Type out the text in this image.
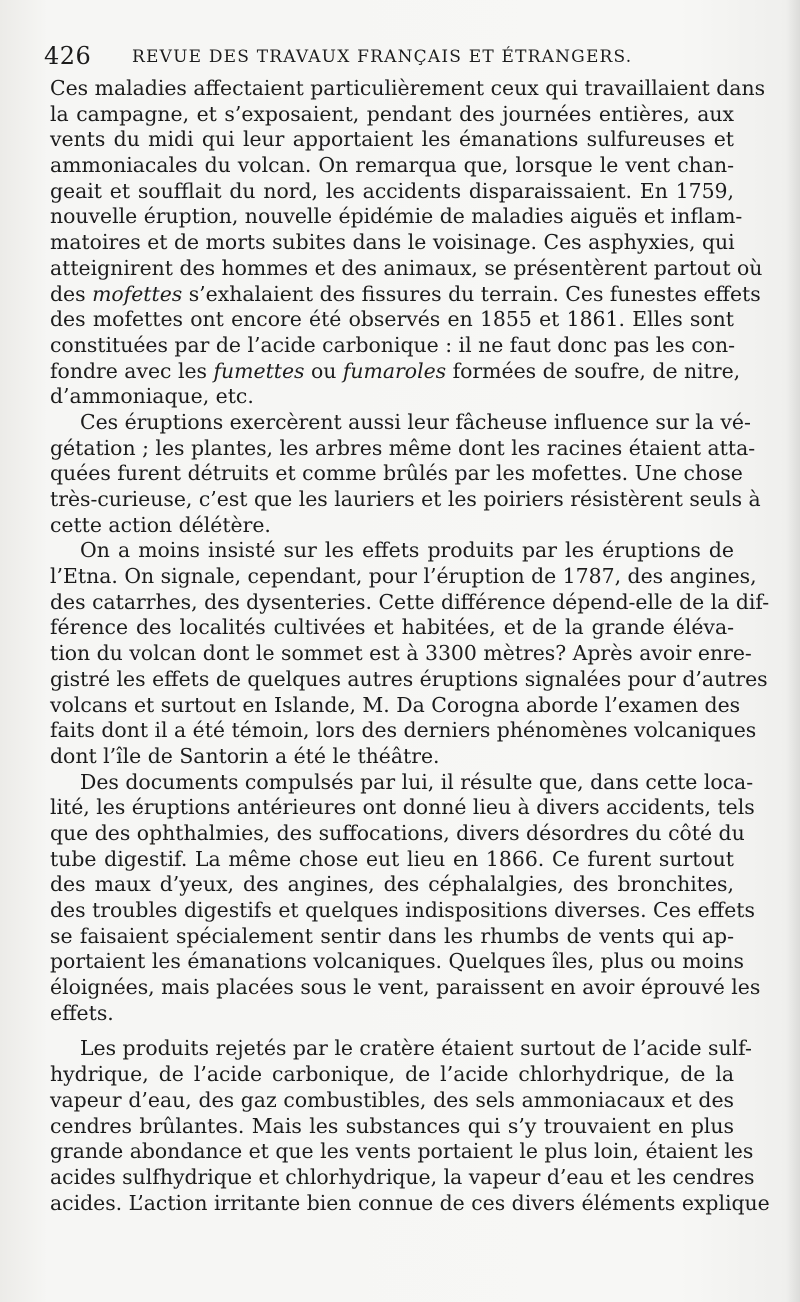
426 REVUE DES TRAVAUX FRANÇAIS ET ÉTRANGERS.
Ces maladies affectaient particulièrement ceux qui travaillaient dans
la campagne, et s’exposaient, pendant des journées entières, aux
vents du midi qui leur apportaient les émanations sulfureuses et
ammoniacales du volcan. On remarqua que, lorsque le vent chan-
geait et soufflait du nord, les accidents disparaissaient. En 1759,
nouvelle éruption, nouvelle épidémie de maladies aiguës et inflam-
matoires et de morts subites dans le voisinage. Ces asphyxies, qui
atteignirent des hommes et des animaux, se présentèrent partout où
des mofettes s’exhalaient des fissures du terrain. Ces funestes effets
des mofettes ont encore été observés en 1855 et 1861. Elles sont
constituées par de l’acide carbonique : il ne faut donc pas les con-
fondre avec les fumettes ou fumaroles formées de soufre, de nitre,
d’ammoniaque, etc.
Ces éruptions exercèrent aussi leur fâcheuse influence sur la vé-
gétation ; les plantes, les arbres même dont les racines étaient atta-
quées furent détruits et comme brûlés par les mofettes. Une chose
très-curieuse, c’est que les lauriers et les poiriers résistèrent seuls à
cette action délétère.
On a moins insisté sur les effets produits par les éruptions de
l’Etna. On signale, cependant, pour l’éruption de 1787, des angines,
des catarrhes, des dysenteries. Cette différence dépend-elle de la dif-
férence des localités cultivées et habitées, et de la grande éléva-
tion du volcan dont le sommet est à 3300 mètres? Après avoir enre-
gistré les effets de quelques autres éruptions signalées pour d’autres
volcans et surtout en Islande, M. Da Corogna aborde l’examen des
faits dont il a été témoin, lors des derniers phénomènes volcaniques
dont l’île de Santorin a été le théâtre.
Des documents compulsés par lui, il résulte que, dans cette loca-
lité, les éruptions antérieures ont donné lieu à divers accidents, tels
que des ophthalmies, des suffocations, divers désordres du côté du
tube digestif. La même chose eut lieu en 1866. Ce furent surtout
des maux d’yeux, des angines, des céphalalgies, des bronchites,
des troubles digestifs et quelques indispositions diverses. Ces effets
se faisaient spécialement sentir dans les rhumbs de vents qui ap-
portaient les émanations volcaniques. Quelques îles, plus ou moins
éloignées, mais placées sous le vent, paraissent en avoir éprouvé les
effets.
Les produits rejetés par le cratère étaient surtout de l’acide sulf-
hydrique, de l’acide carbonique, de l’acide chlorhydrique, de la
vapeur d’eau, des gaz combustibles, des sels ammoniacaux et des
cendres brûlantes. Mais les substances qui s’y trouvaient en plus
grande abondance et que les vents portaient le plus loin, étaient les
acides sulfhydrique et chlorhydrique, la vapeur d’eau et les cendres
acides. L’action irritante bien connue de ces divers éléments explique
